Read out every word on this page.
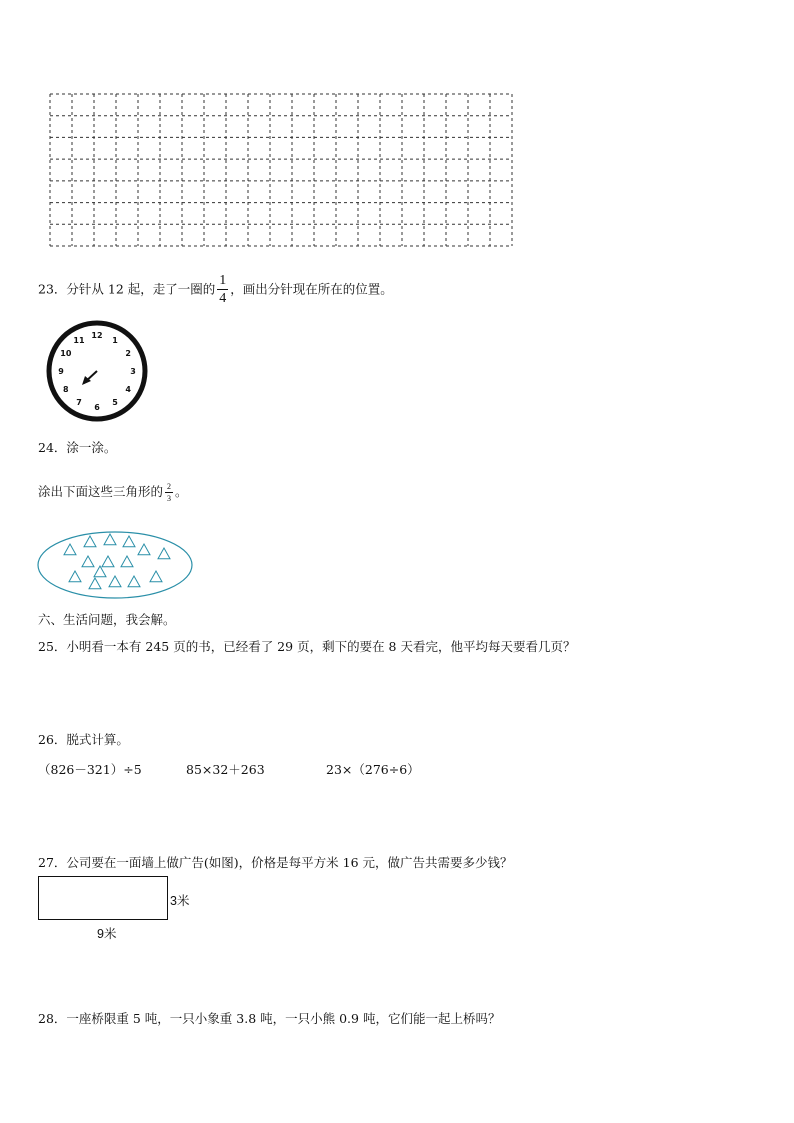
23．分针从 12 起，走了一圈的 $\frac{1}{4}$ ，画出分针现在所在的位置。
12
1
2
3
4
5
6
7
8
9
10
11
24．涂一涂。
涂出下面这些三角形的 $\frac{2}{3}$ 。
六、生活问题，我会解。
25．小明看一本有 245 页的书，已经看了 29 页，剩下的要在 8 天看完，他平均每天要看几页？
26．脱式计算。
（826－321）÷5	85×32＋263	23×（276÷6）
27．公司要在一面墙上做广告(如图)，价格是每平方米 16 元，做广告共需要多少钱？
3米
9米
28．一座桥限重 5 吨，一只小象重 3.8 吨，一只小熊 0.9 吨，它们能一起上桥吗？
